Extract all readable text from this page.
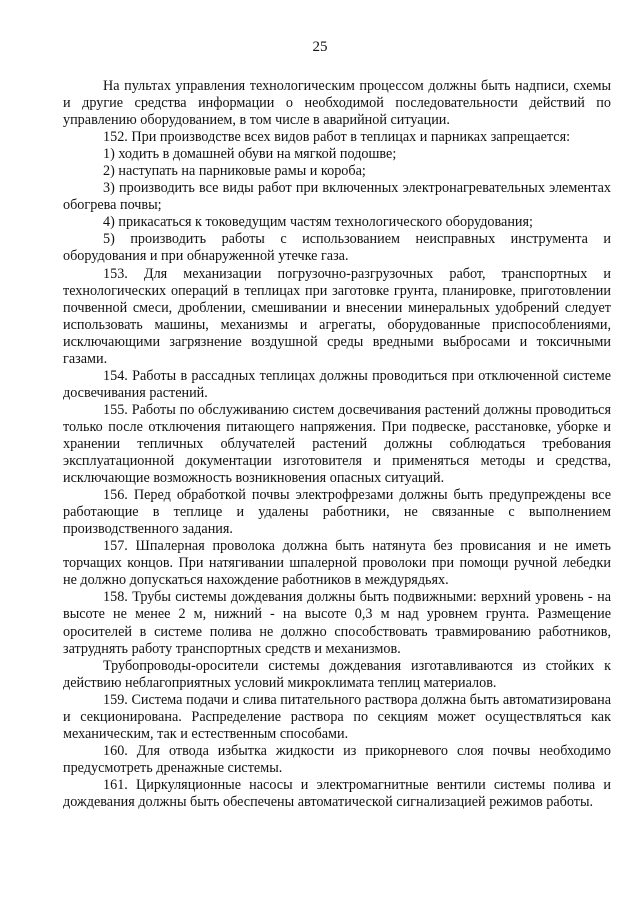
25

На пультах управления технологическим процессом должны быть надписи, схемы и другие средства информации о необходимой последовательности действий по управлению оборудованием, в том числе в аварийной ситуации.

152. При производстве всех видов работ в теплицах и парниках запрещается:

1) ходить в домашней обуви на мягкой подошве;

2) наступать на парниковые рамы и короба;

3) производить все виды работ при включенных электронагревательных элементах обогрева почвы;

4) прикасаться к токоведущим частям технологического оборудования;

5) производить работы с использованием неисправных инструмента и оборудования и при обнаруженной утечке газа.

153. Для механизации погрузочно-разгрузочных работ, транспортных и технологических операций в теплицах при заготовке грунта, планировке, приготовлении почвенной смеси, дроблении, смешивании и внесении минеральных удобрений следует использовать машины, механизмы и агрегаты, оборудованные приспособлениями, исключающими загрязнение воздушной среды вредными выбросами и токсичными газами.

154. Работы в рассадных теплицах должны проводиться при отключенной системе досвечивания растений.

155. Работы по обслуживанию систем досвечивания растений должны проводиться только после отключения питающего напряжения. При подвеске, расстановке, уборке и хранении тепличных облучателей растений должны соблюдаться требования эксплуатационной документации изготовителя и применяться методы и средства, исключающие возможность возникновения опасных ситуаций.

156. Перед обработкой почвы электрофрезами должны быть предупреждены все работающие в теплице и удалены работники, не связанные с выполнением производственного задания.

157. Шпалерная проволока должна быть натянута без провисания и не иметь торчащих концов. При натягивании шпалерной проволоки при помощи ручной лебедки не должно допускаться нахождение работников в междурядьях.

158. Трубы системы дождевания должны быть подвижными: верхний уровень - на высоте не менее 2 м, нижний - на высоте 0,3 м над уровнем грунта. Размещение оросителей в системе полива не должно способствовать травмированию работников, затруднять работу транспортных средств и механизмов.

Трубопроводы-оросители системы дождевания изготавливаются из стойких к действию неблагоприятных условий микроклимата теплиц материалов.

159. Система подачи и слива питательного раствора должна быть автоматизирована и секционирована. Распределение раствора по секциям может осуществляться как механическим, так и естественным способами.

160. Для отвода избытка жидкости из прикорневого слоя почвы необходимо предусмотреть дренажные системы.

161. Циркуляционные насосы и электромагнитные вентили системы полива и дождевания должны быть обеспечены автоматической сигнализацией режимов работы.
